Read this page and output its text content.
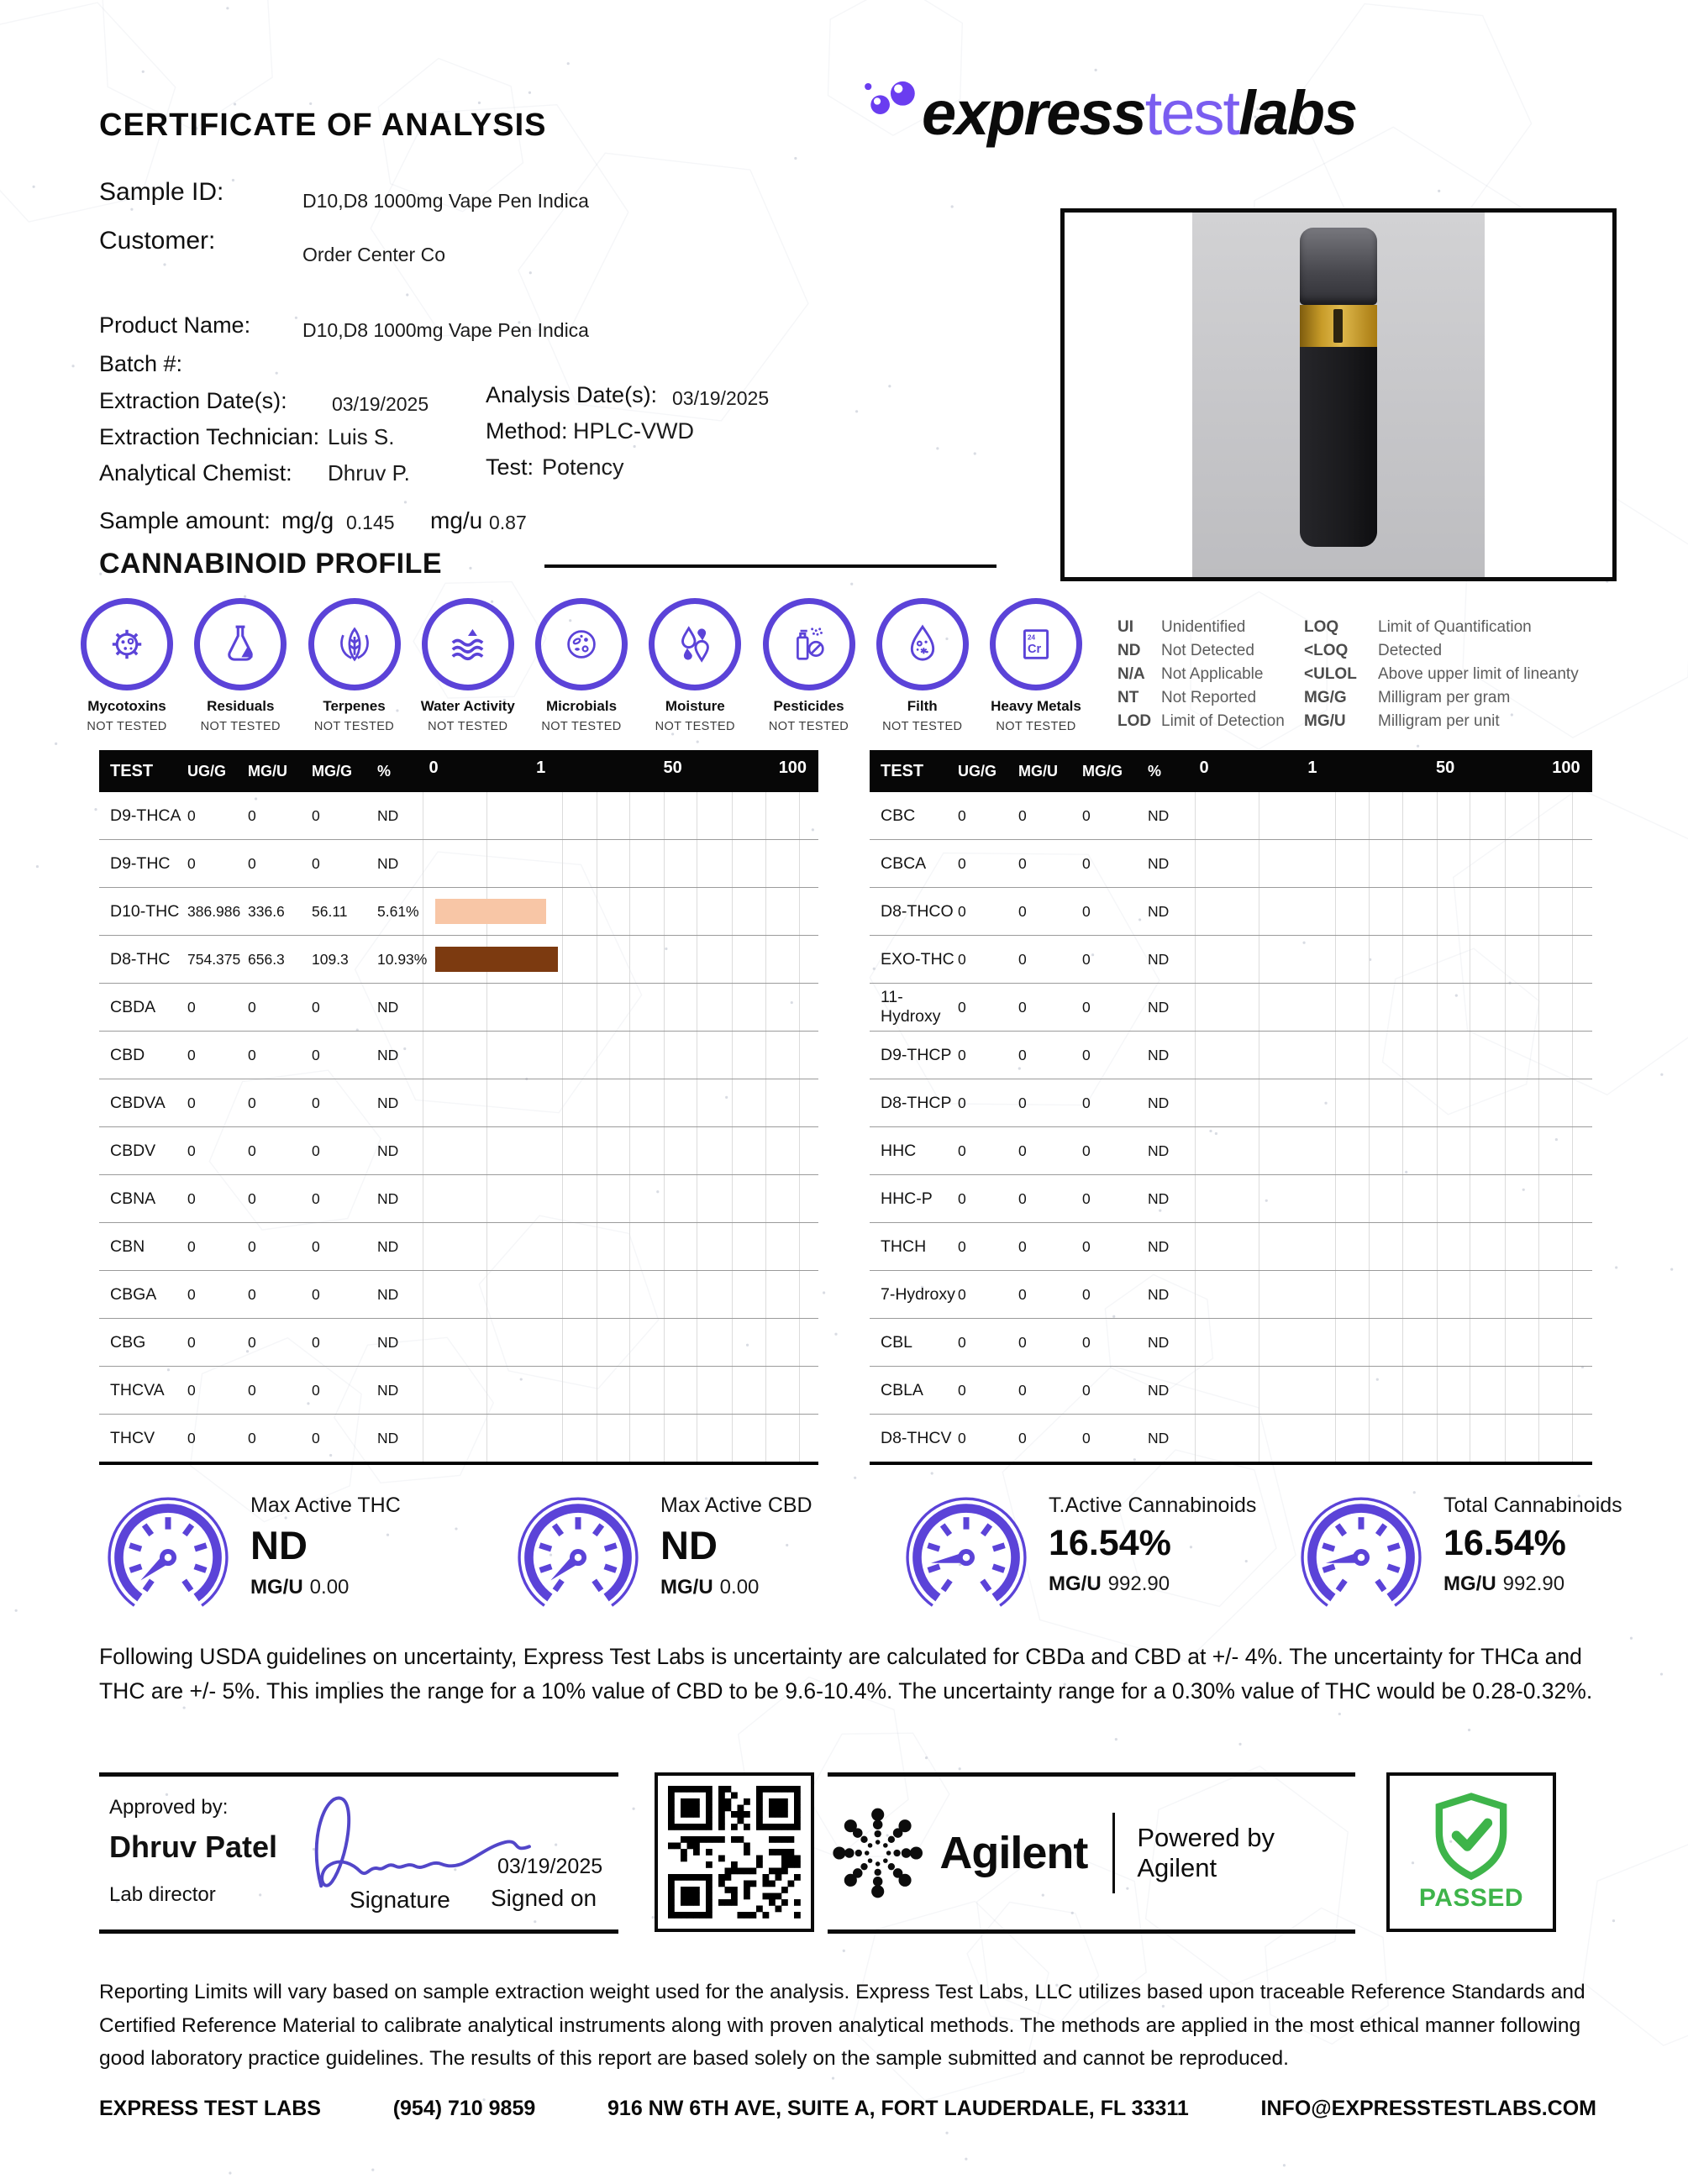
CERTIFICATE OF ANALYSIS	expresstestlabs
Sample ID:	D10,D8 1000mg Vape Pen Indica
Customer:	Order Center Co
Product Name:	D10,D8 1000mg Vape Pen Indica
Batch #:
Extraction Date(s): 03/19/2025	Analysis Date(s): 03/19/2025
Extraction Technician: Luis S.	Method: HPLC-VWD
Analytical Chemist: Dhruv P.	Test: Potency
Sample amount: mg/g 0.145 mg/u 0.87
CANNABINOID PROFILE
Mycotoxins
NOT TESTED
Residuals
NOT TESTED
Terpenes
NOT TESTED
Water Activity
NOT TESTED
Microbials
NOT TESTED
Moisture
NOT TESTED
Pesticides
NOT TESTED
Filth
NOT TESTED
24
Cr
Heavy Metals
NOT TESTED
UI	Unidentified
ND	Not Detected
N/A	Not Applicable
NT	Not Reported
LOD Limit of Detection
LOQ	Limit of Quantification
<LOQ	Detected
<ULOL	Above upper limit of lineanty
MG/G	Milligram per gram
MG/U	Milligram per unit
TEST	UG/G	MG/U	MG/G	%	0	1	50	100
D9-THCA 0	0	0	ND
D9-THC	0	0	0	ND
D10-THC 386.986 336.6	56.11	5.61%
D8-THC	754.375 656.3	109.3	10.93%
CBDA	0	0	0	ND
CBD	0	0	0	ND
CBDVA	0	0	0	ND
CBDV	0	0	0	ND
CBNA	0	0	0	ND
CBN	0	0	0	ND
CBGA	0	0	0	ND
CBG	0	0	0	ND
THCVA	0	0	0	ND
THCV	0	0	0	ND
TEST	UG/G	MG/U	MG/G	%	0	1	50	100
CBC	0	0	0	ND
CBCA	0	0	0	ND
D8-THCO 0	0	0	ND
EXO-THC 0	0	0	ND
11-Hydroxy
0	0	0	ND
D9-THCP 0	0	0	ND
D8-THCP 0	0	0	ND
HHC	0	0	0	ND
HHC-P	0	0	0	ND
THCH	0	0	0	ND
7-Hydroxy 0	0	0	ND
CBL	0	0	0	ND
CBLA	0	0	0	ND
D8-THCV 0	0	0	ND
Max Active THC
ND
MG/U 0.00
Max Active CBD
ND
MG/U 0.00
T.Active Cannabinoids
16.54%
MG/U 992.90
Total Cannabinoids
16.54%
MG/U 992.90
Following USDA guidelines on uncertainty, Express Test Labs is uncertainty are calculated for CBDa and CBD at +/- 4%. The uncertainty for THCa and THC are +/- 5%. This implies the range for a 10% value of CBD to be 9.6-10.4%. The uncertainty range for a 0.30% value of THC would be 0.28-0.32%.
Approved by:
Dhruv Patel
Lab director	Signature
03/19/2025
Signed on
Agilent Powered by Agilent
PASSED
Reporting Limits will vary based on sample extraction weight used for the analysis. Express Test Labs, LLC utilizes based upon traceable Reference Standards and Certified Reference Material to calibrate analytical instruments along with proven analytical methods. The methods are applied in the most ethical manner following good laboratory practice guidelines. The results of this report are based solely on the sample submitted and cannot be reproduced.
EXPRESS TEST LABS	(954) 710 9859	916 NW 6TH AVE, SUITE A, FORT LAUDERDALE, FL 33311	INFO@EXPRESSTESTLABS.COM
